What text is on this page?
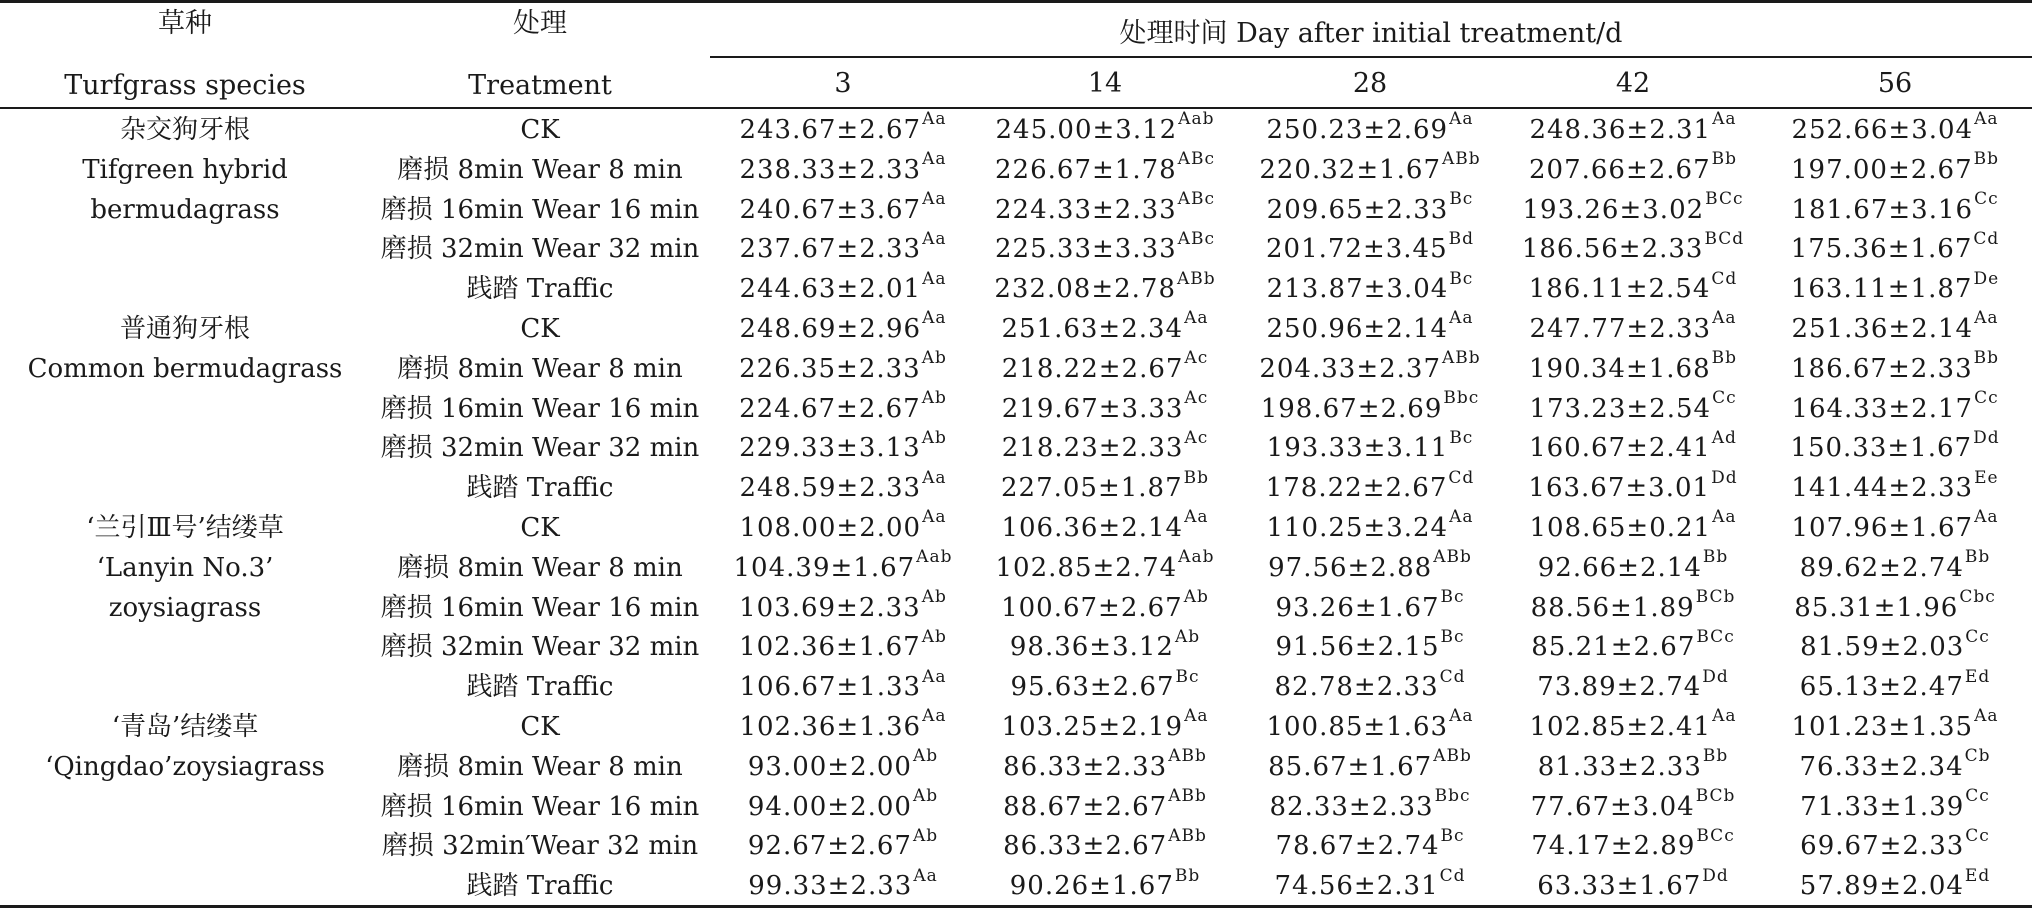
草种
Turfgrass species
处理
Treatment
处理时间 Day after initial treatment/d
3	14	28	42	56
杂交狗牙根
Tifgreen hybrid
bermudagrass
CK	$243.67\pm 2.67^{Aa}$	$245.00\pm 3.12^{Aab}$	$250.23\pm 2.69^{Aa}$	$248.36\pm 2.31^{Aa}$	$252.66\pm 3.04^{Aa}$
磨损 8min Wear 8 min	$238.33\pm 2.33^{Aa}$	$226.67\pm 1.78^{ABc}$	$220.32\pm 1.67^{ABb}$	$207.66\pm 2.67^{Bb}$	$197.00\pm 2.67^{Bb}$
磨损 16min Wear 16 min	$240.67\pm 3.67^{Aa}$	$224.33\pm 2.33^{ABc}$	$209.65\pm 2.33^{Bc}$	$193.26\pm 3.02^{BCc}$	$181.67\pm 3.16^{Cc}$
磨损 32min Wear 32 min	$237.67\pm 2.33^{Aa}$	$225.33\pm 3.33^{ABc}$	$201.72\pm 3.45^{Bd}$	$186.56\pm 2.33^{BCd}$	$175.36\pm 1.67^{Cd}$
践踏 Traffic	$244.63\pm 2.01^{Aa}$	$232.08\pm 2.78^{ABb}$	$213.87\pm 3.04^{Bc}$	$186.11\pm 2.54^{Cd}$	163.11±1.87De
普通狗牙根
Common bermudagrass
CK	$248.69\pm 2.96^{Aa}$	$251.63\pm 2.34^{Aa}$	$250.96\pm 2.14^{Aa}$	$247.77\pm 2.33^{Aa}$	$251.36\pm 2.14^{Aa}$
磨损 8min Wear 8 min	$226.35\pm 2.33^{Ab}$	$218.22\pm 2.67^{Ac}$	$204.33\pm 2.37^{ABb}$	$190.34\pm 1.68^{Bb}$	$186.67\pm 2.33^{Bb}$
磨损 16min Wear 16 min	$224.67\pm 2.67^{Ab}$	$219.67\pm 3.33^{Ac}$	$198.67\pm 2.69^{Bbc}$	$173.23\pm 2.54^{Cc}$	$164.33\pm 2.17^{Cc}$
磨损 32min Wear 32 min	$229.33\pm 3.13^{Ab}$	$218.23\pm 2.33^{Ac}$	$193.33\pm 3.11^{Bc}$	$160.67\pm 2.41^{Ad}$	$150.33\pm 1.67^{Dd}$
践踏 Traffic	$248.59\pm 2.33^{Aa}$	$227.05\pm 1.87^{Bb}$	$178.22\pm 2.67^{Cd}$	$163.67\pm 3.01^{Dd}$	$141.44\pm 2.33^{Ee}$
‘兰引Ⅲ号’结缕草
‘Lanyin No.3’
zoysiagrass
CK	$108.00\pm 2.00^{Aa}$	$106.36\pm 2.14^{Aa}$	$110.25\pm 3.24^{Aa}$	$108.65\pm 0.21^{Aa}$	$107.96\pm 1.67^{Aa}$
磨损 8min Wear 8 min	$104.39\pm 1.67^{Aab}$	$102.85\pm 2.74^{Aab}$	$97.56\pm 2.88^{ABb}$	$92.66\pm 2.14^{Bb}$	$89.62\pm 2.74^{Bb}$
磨损 16min Wear 16 min	$103.69\pm 2.33^{Ab}$	$100.67\pm 2.67^{Ab}$	$93.26\pm 1.67^{Bc}$	$88.56\pm 1.89^{BCb}$	$85.31\pm 1.96^{Cbc}$
磨损 32min Wear 32 min	$102.36\pm 1.67^{Ab}$	$98.36\pm 3.12^{Ab}$	$91.56\pm 2.15^{Bc}$	$85.21\pm 2.67^{BCc}$	$81.59\pm 2.03^{Cc}$
践踏 Traffic	$106.67\pm 1.33^{Aa}$	$95.63\pm 2.67^{Bc}$	$82.78\pm 2.33^{Cd}$	$73.89\pm 2.74^{Dd}$	$65.13\pm 2.47^{Ed}$
‘青岛’结缕草
‘Qingdao’zoysiagrass
CK	$102.36\pm 1.36^{Aa}$	$103.25\pm 2.19^{Aa}$	$100.85\pm 1.63^{Aa}$	$102.85\pm 2.41^{Aa}$	$101.23\pm 1.35^{Aa}$
磨损 8min Wear 8 min	$93.00\pm 2.00^{Ab}$	$86.33\pm 2.33^{ABb}$	$85.67\pm 1.67^{ABb}$	$81.33\pm 2.33^{Bb}$	$76.33\pm 2.34^{Cb}$
磨损 16min Wear 16 min	$94.00\pm 2.00^{Ab}$	$88.67\pm 2.67^{ABb}$	$82.33\pm 2.33^{Bbc}$	$77.67\pm 3.04^{BCb}$	$71.33\pm 1.39^{Cc}$
磨损 32min′Wear 32 min	$92.67\pm 2.67^{Ab}$	$86.33\pm 2.67^{ABb}$	$78.67\pm 2.74^{Bc}$	$74.17\pm 2.89^{BCc}$	$69.67\pm 2.33^{Cc}$
践踏 Traffic	$99.33\pm 2.33^{Aa}$	$90.26\pm 1.67^{Bb}$	$74.56\pm 2.31^{Cd}$	$63.33\pm 1.67^{Dd}$	$57.89\pm 2.04^{Ed}$
